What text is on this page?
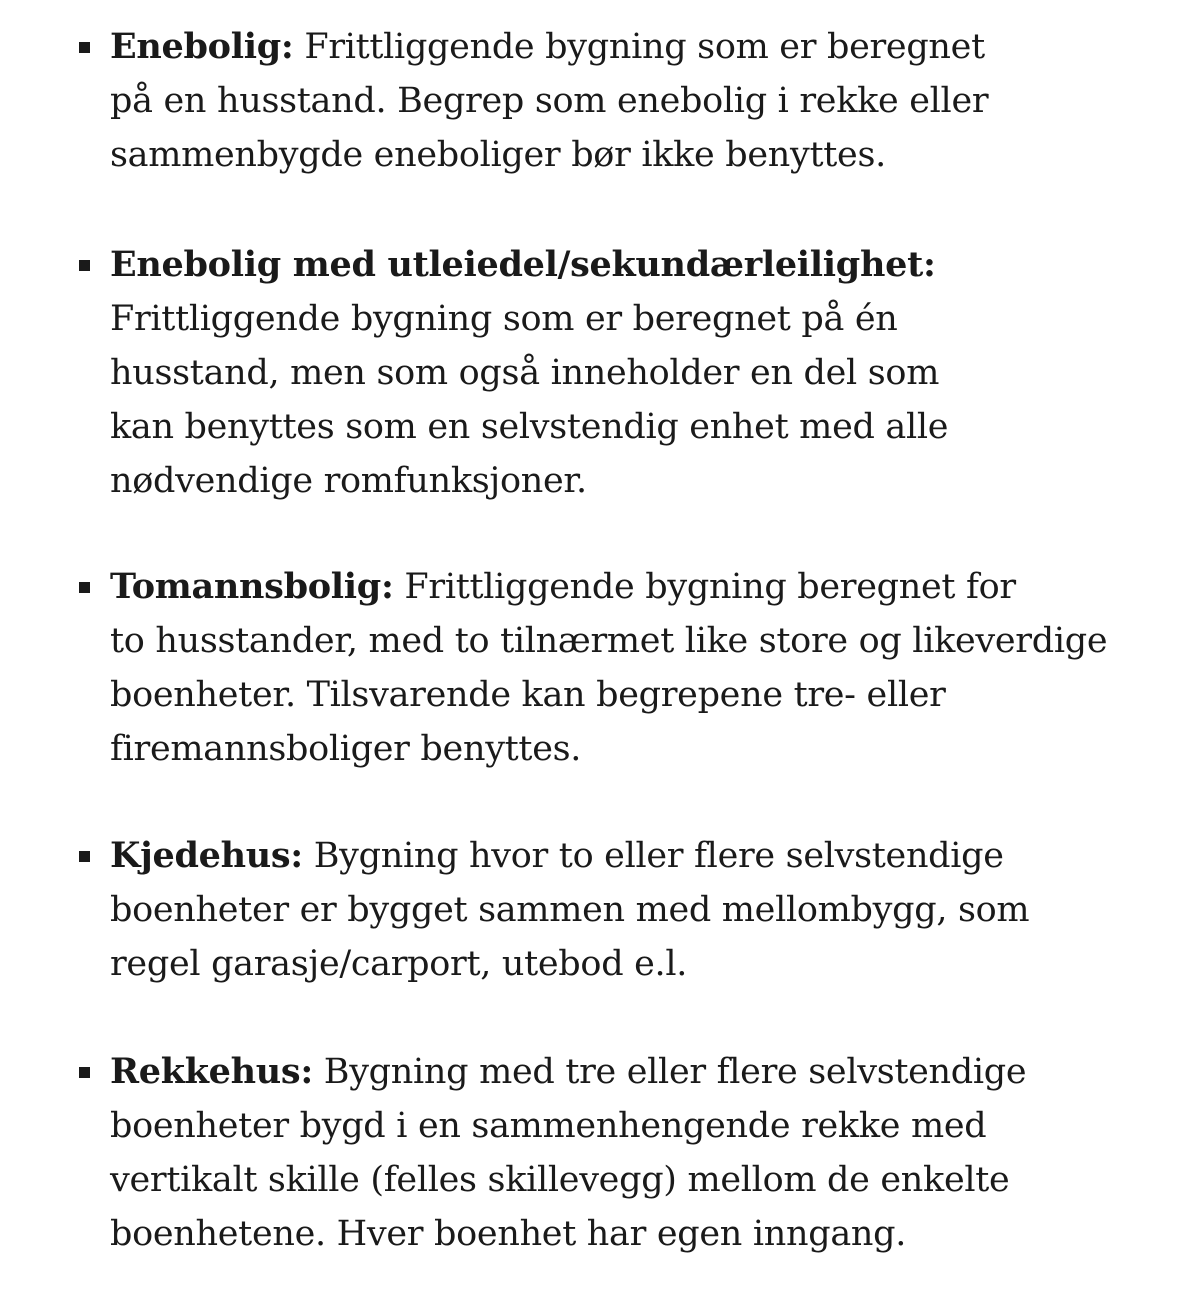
Enebolig: Frittliggende bygning som er beregnet
på en husstand. Begrep som enebolig i rekke eller
sammenbygde eneboliger bør ikke benyttes.
Enebolig med utleiedel/sekundærleilighet:
Frittliggende bygning som er beregnet på én
husstand, men som også inneholder en del som
kan benyttes som en selvstendig enhet med alle
nødvendige romfunksjoner.
Tomannsbolig: Frittliggende bygning beregnet for
to husstander, med to tilnærmet like store og likeverdige
boenheter. Tilsvarende kan begrepene tre- eller
firemannsboliger benyttes.
Kjedehus: Bygning hvor to eller flere selvstendige
boenheter er bygget sammen med mellombygg, som
regel garasje/carport, utebod e.l.
Rekkehus: Bygning med tre eller flere selvstendige
boenheter bygd i en sammenhengende rekke med
vertikalt skille (felles skillevegg) mellom de enkelte
boenhetene. Hver boenhet har egen inngang.
